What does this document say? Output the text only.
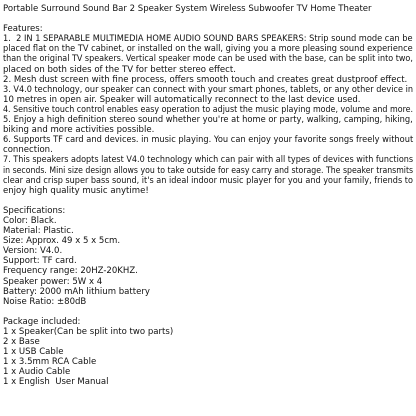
Portable Surround Sound Bar 2 Speaker System Wireless Subwoofer TV Home Theater
Features:
1.  2 IN 1 SEPARABLE MULTIMEDIA HOME AUDIO SOUND BARS SPEAKERS: Strip sound mode can be
placed flat on the TV cabinet, or installed on the wall, giving you a more pleasing sound experience
than the original TV speakers. Vertical speaker mode can be used with the base, can be split into two,
placed on both sides of the TV for better stereo effect.
2. Mesh dust screen with fine process, offers smooth touch and creates great dustproof effect.
3. V4.0 technology, our speaker can connect with your smart phones, tablets, or any other device in
10 metres in open air. Speaker will automatically reconnect to the last device used.
4. Sensitive touch control enables easy operation to adjust the music playing mode, volume and more.
5. Enjoy a high definition stereo sound whether you're at home or party, walking, camping, hiking,
biking and more activities possible.
6. Supports TF card and devices. in music playing. You can enjoy your favorite songs freely without
connection.
7. This speakers adopts latest V4.0 technology which can pair with all types of devices with functions
in seconds. Mini size design allows you to take outside for easy carry and storage. The speaker transmits
clear and crisp super bass sound, it's an ideal indoor music player for you and your family, friends to
enjoy high quality music anytime!
Specifications:
Color: Black.
Material: Plastic.
Size: Approx. 49 x 5 x 5cm.
Version: V4.0.
Support: TF card.
Frequency range: 20HZ-20KHZ.
Speaker power: 5W x 4
Battery: 2000 mAh lithium battery
Noise Ratio: ±80dB
Package included:
1 x Speaker(Can be split into two parts)
2 x Base
1 x USB Cable
1 x 3.5mm RCA Cable
1 x Audio Cable
1 x English  User Manual
